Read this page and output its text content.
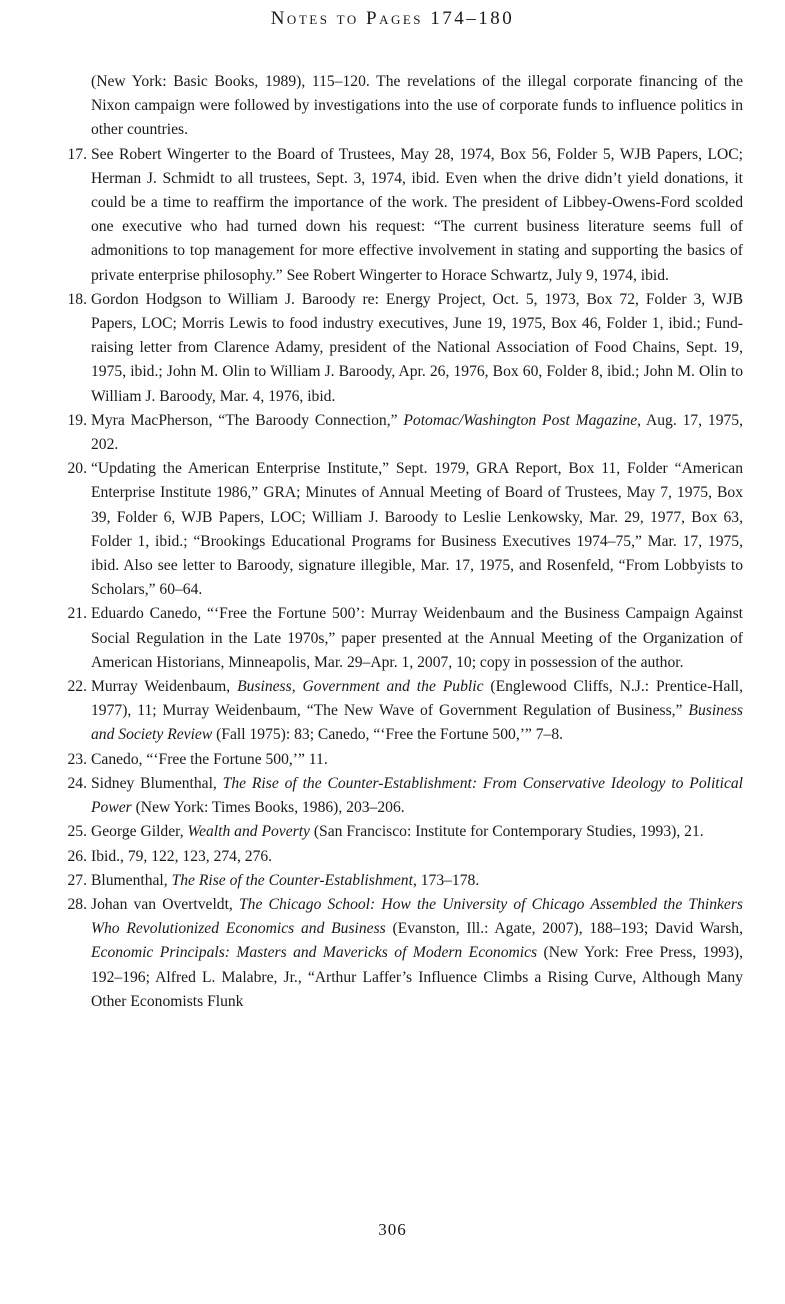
Notes to Pages 174–180
(New York: Basic Books, 1989), 115–120. The revelations of the illegal corporate financing of the Nixon campaign were followed by investigations into the use of corporate funds to influence politics in other countries.
17. See Robert Wingerter to the Board of Trustees, May 28, 1974, Box 56, Folder 5, WJB Papers, LOC; Herman J. Schmidt to all trustees, Sept. 3, 1974, ibid. Even when the drive didn’t yield donations, it could be a time to reaffirm the importance of the work. The president of Libbey-Owens-Ford scolded one executive who had turned down his request: “The current business literature seems full of admonitions to top management for more effective involvement in stating and supporting the basics of private enterprise philosophy.” See Robert Wingerter to Horace Schwartz, July 9, 1974, ibid.
18. Gordon Hodgson to William J. Baroody re: Energy Project, Oct. 5, 1973, Box 72, Folder 3, WJB Papers, LOC; Morris Lewis to food industry executives, June 19, 1975, Box 46, Folder 1, ibid.; Fund-raising letter from Clarence Adamy, president of the National Association of Food Chains, Sept. 19, 1975, ibid.; John M. Olin to William J. Baroody, Apr. 26, 1976, Box 60, Folder 8, ibid.; John M. Olin to William J. Baroody, Mar. 4, 1976, ibid.
19. Myra MacPherson, “The Baroody Connection,” Potomac/Washington Post Magazine, Aug. 17, 1975, 202.
20. “Updating the American Enterprise Institute,” Sept. 1979, GRA Report, Box 11, Folder “American Enterprise Institute 1986,” GRA; Minutes of Annual Meeting of Board of Trustees, May 7, 1975, Box 39, Folder 6, WJB Papers, LOC; William J. Baroody to Leslie Lenkowsky, Mar. 29, 1977, Box 63, Folder 1, ibid.; “Brookings Educational Programs for Business Executives 1974–75,” Mar. 17, 1975, ibid. Also see letter to Baroody, signature illegible, Mar. 17, 1975, and Rosenfeld, “From Lobbyists to Scholars,” 60–64.
21. Eduardo Canedo, “‘Free the Fortune 500’: Murray Weidenbaum and the Business Campaign Against Social Regulation in the Late 1970s,” paper presented at the Annual Meeting of the Organization of American Historians, Minneapolis, Mar. 29–Apr. 1, 2007, 10; copy in possession of the author.
22. Murray Weidenbaum, Business, Government and the Public (Englewood Cliffs, N.J.: Prentice-Hall, 1977), 11; Murray Weidenbaum, “The New Wave of Government Regulation of Business,” Business and Society Review (Fall 1975): 83; Canedo, “‘Free the Fortune 500,’” 7–8.
23. Canedo, “‘Free the Fortune 500,’” 11.
24. Sidney Blumenthal, The Rise of the Counter-Establishment: From Conservative Ideology to Political Power (New York: Times Books, 1986), 203–206.
25. George Gilder, Wealth and Poverty (San Francisco: Institute for Contemporary Studies, 1993), 21.
26. Ibid., 79, 122, 123, 274, 276.
27. Blumenthal, The Rise of the Counter-Establishment, 173–178.
28. Johan van Overtveldt, The Chicago School: How the University of Chicago Assembled the Thinkers Who Revolutionized Economics and Business (Evanston, Ill.: Agate, 2007), 188–193; David Warsh, Economic Principals: Masters and Mavericks of Modern Economics (New York: Free Press, 1993), 192–196; Alfred L. Malabre, Jr., “Arthur Laffer’s Influence Climbs a Rising Curve, Although Many Other Economists Flunk
306
